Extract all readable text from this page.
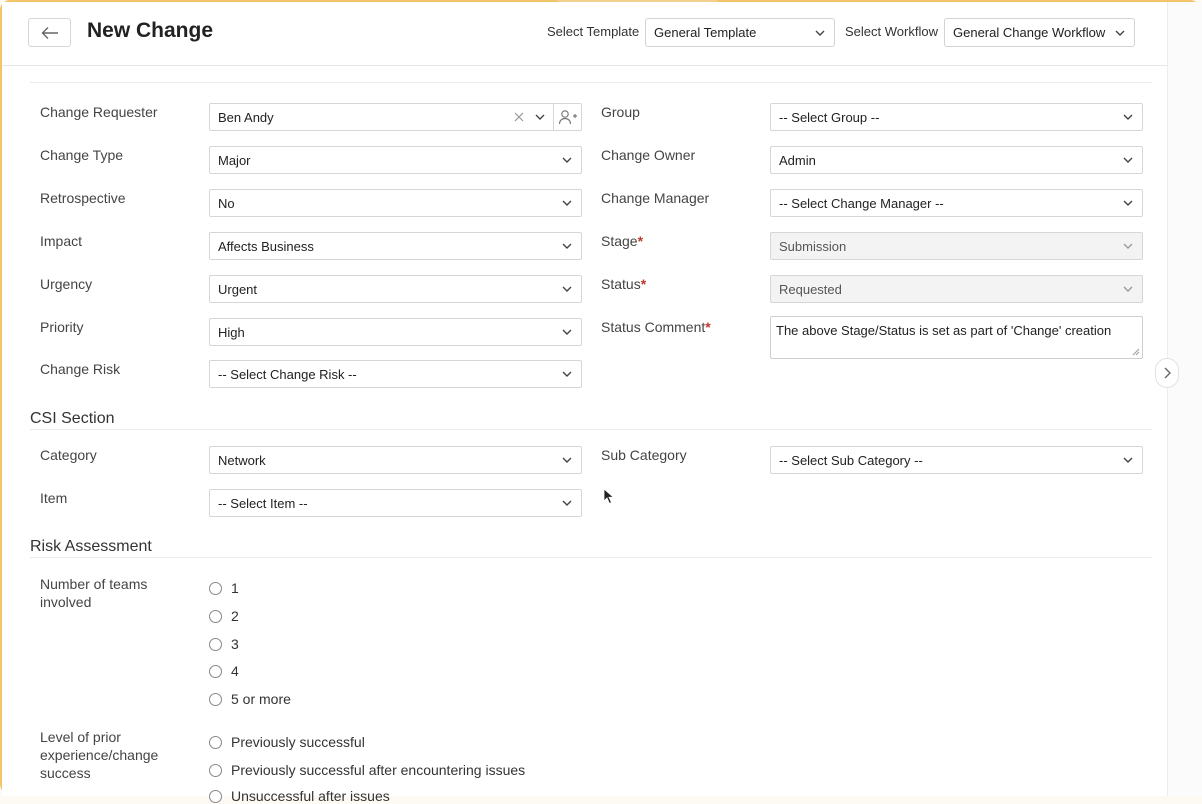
New Change	Select Template	General Template	Select Workflow	General Change Workflow
Change Requester	Ben Andy
Change Type	Major
Retrospective	No
Impact	Affects Business
Urgency	Urgent
Priority	High
Change Risk	-- Select Change Risk --
Group	-- Select Group --
Change Owner	Admin
Change Manager	-- Select Change Manager --
Stage*	Submission
Status*	Requested
Status Comment*	The above Stage/Status is set as part of 'Change' creation
CSI Section
Category	Network	Sub Category	-- Select Sub Category --
Item	-- Select Item --
Risk Assessment
Number of teams
involved
1
2
3
4
5 or more
Level of prior
experience/change
success
Previously successful
Previously successful after encountering issues
Unsuccessful after issues
